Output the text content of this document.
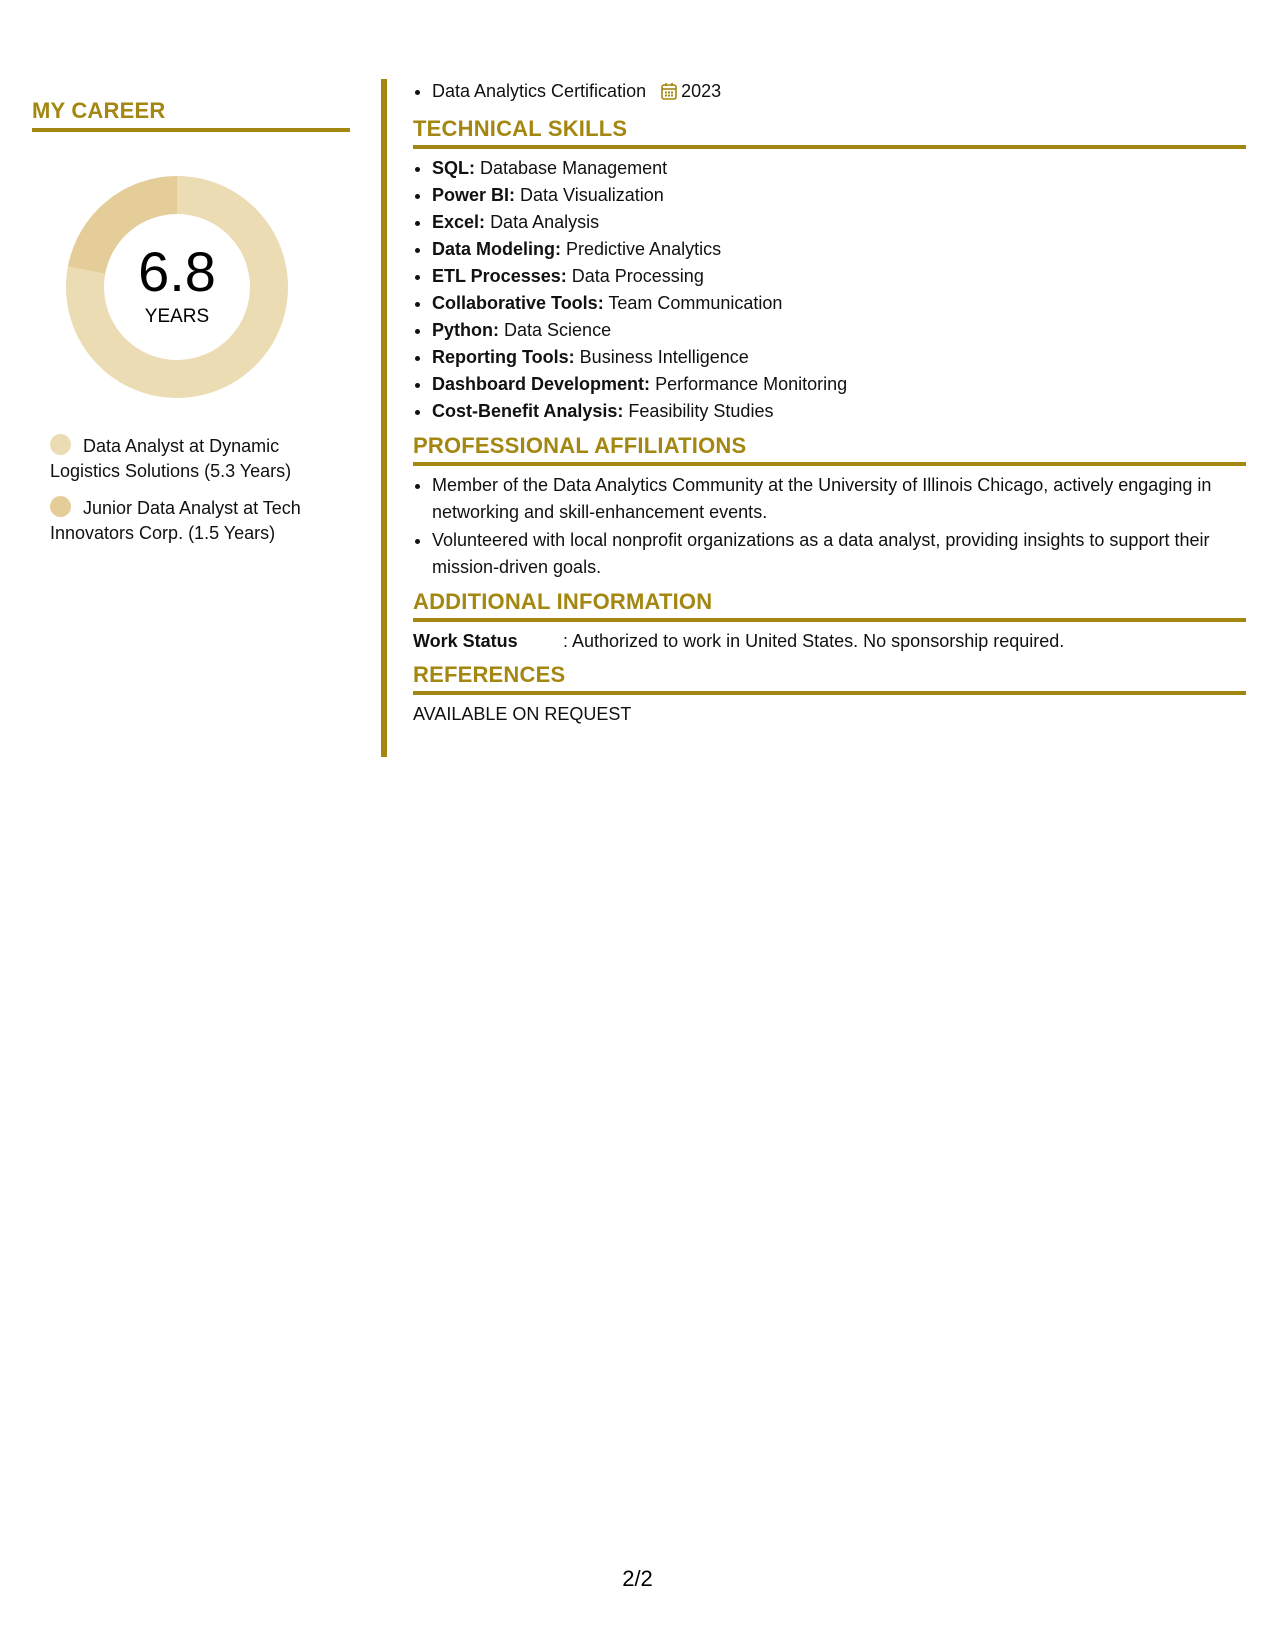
MY CAREER
6.8
YEARS
Data Analyst at Dynamic Logistics Solutions (5.3 Years)
Junior Data Analyst at Tech Innovators Corp. (1.5 Years)
• Data Analytics Certification 2023
TECHNICAL SKILLS
• SQL: Database Management
• Power BI: Data Visualization
• Excel: Data Analysis
• Data Modeling: Predictive Analytics
• ETL Processes: Data Processing
• Collaborative Tools: Team Communication
• Python: Data Science
• Reporting Tools: Business Intelligence
• Dashboard Development: Performance Monitoring
• Cost-Benefit Analysis: Feasibility Studies
PROFESSIONAL AFFILIATIONS
• Member of the Data Analytics Community at the University of Illinois Chicago, actively engaging in networking and skill-enhancement events.
• Volunteered with local nonprofit organizations as a data analyst, providing insights to support their mission-driven goals.
ADDITIONAL INFORMATION
Work Status	: Authorized to work in United States. No sponsorship required.
REFERENCES
AVAILABLE ON REQUEST
2/2
